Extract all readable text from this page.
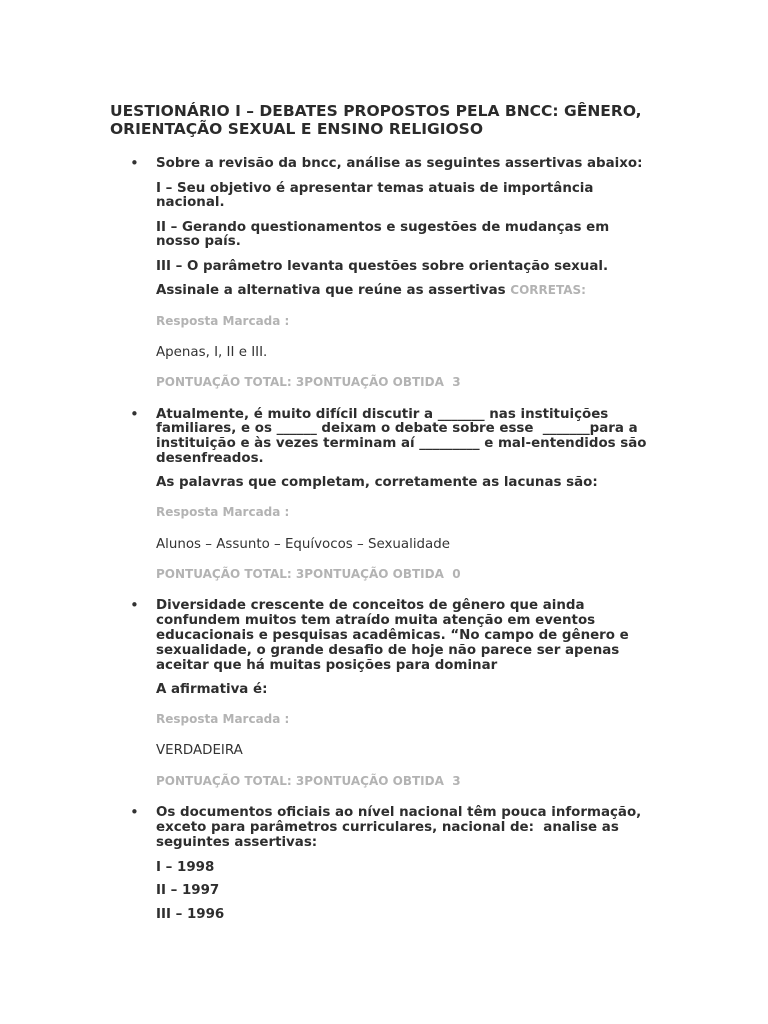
UESTIONÁRIO I – DEBATES PROPOSTOS PELA BNCC: GÊNERO,
ORIENTAÇÃO SEXUAL E ENSINO RELIGIOSO
• Sobre a revisão da bncc, análise as seguintes assertivas abaixo:
I – Seu objetivo é apresentar temas atuais de importância
nacional.
II – Gerando questionamentos e sugestões de mudanças em
nosso país.
III – O parâmetro levanta questões sobre orientação sexual.
Assinale a alternativa que reúne as assertivas CORRETAS:
Resposta Marcada :
Apenas, I, II e III.
PONTUAÇÃO TOTAL: 3PONTUAÇÃO OBTIDA  3
• Atualmente, é muito difícil discutir a _______ nas instituições
familiares, e os ______ deixam o debate sobre esse  _______para a
instituição e às vezes terminam aí _________ e mal-entendidos são
desenfreados.
As palavras que completam, corretamente as lacunas são:
Resposta Marcada :
Alunos – Assunto – Equívocos – Sexualidade
PONTUAÇÃO TOTAL: 3PONTUAÇÃO OBTIDA  0
• Diversidade crescente de conceitos de gênero que ainda
confundem muitos tem atraído muita atenção em eventos
educacionais e pesquisas acadêmicas. “No campo de gênero e
sexualidade, o grande desafio de hoje não parece ser apenas
aceitar que há muitas posições para dominar
A afirmativa é:
Resposta Marcada :
VERDADEIRA
PONTUAÇÃO TOTAL: 3PONTUAÇÃO OBTIDA  3
• Os documentos oficiais ao nível nacional têm pouca informação,
exceto para parâmetros curriculares, nacional de:  analise as
seguintes assertivas:
I – 1998
II – 1997
III – 1996
